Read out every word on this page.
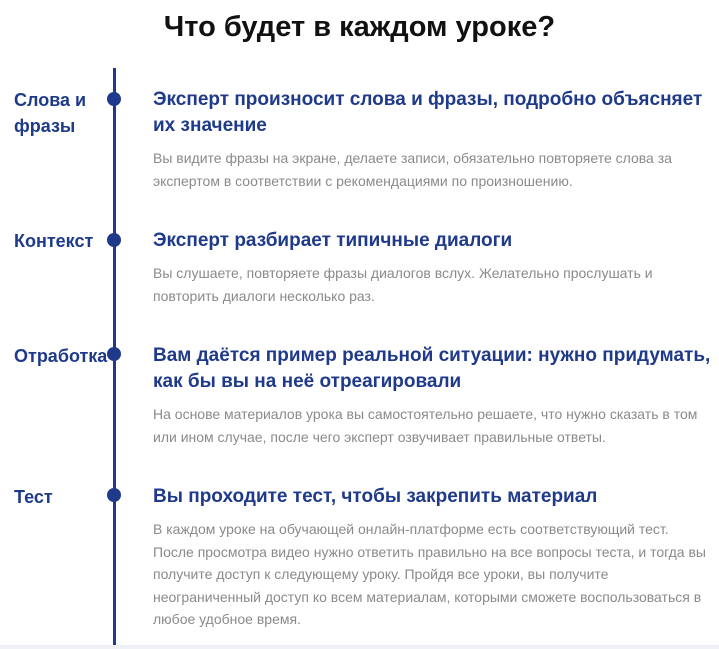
Что будет в каждом уроке?
Слова и
фразы
Эксперт произносит слова и фразы, подробно объясняет их значение
Вы видите фразы на экране, делаете записи, обязательно повторяете слова за экспертом в соответствии с рекомендациями по произношению.
Контекст	Эксперт разбирает типичные диалоги
Вы слушаете, повторяете фразы диалогов вслух. Желательно прослушать и повторить диалоги несколько раз.
Отработка Вам даётся пример реальной ситуации: нужно придумать, как бы вы на неё отреагировали
На основе материалов урока вы самостоятельно решаете, что нужно сказать в том или ином случае, после чего эксперт озвучивает правильные ответы.
Тест	Вы проходите тест, чтобы закрепить материал
В каждом уроке на обучающей онлайн-платформе есть соответствующий тест. После просмотра видео нужно ответить правильно на все вопросы теста, и тогда вы получите доступ к следующему уроку. Пройдя все уроки, вы получите неограниченный доступ ко всем материалам, которыми сможете воспользоваться в любое удобное время.
